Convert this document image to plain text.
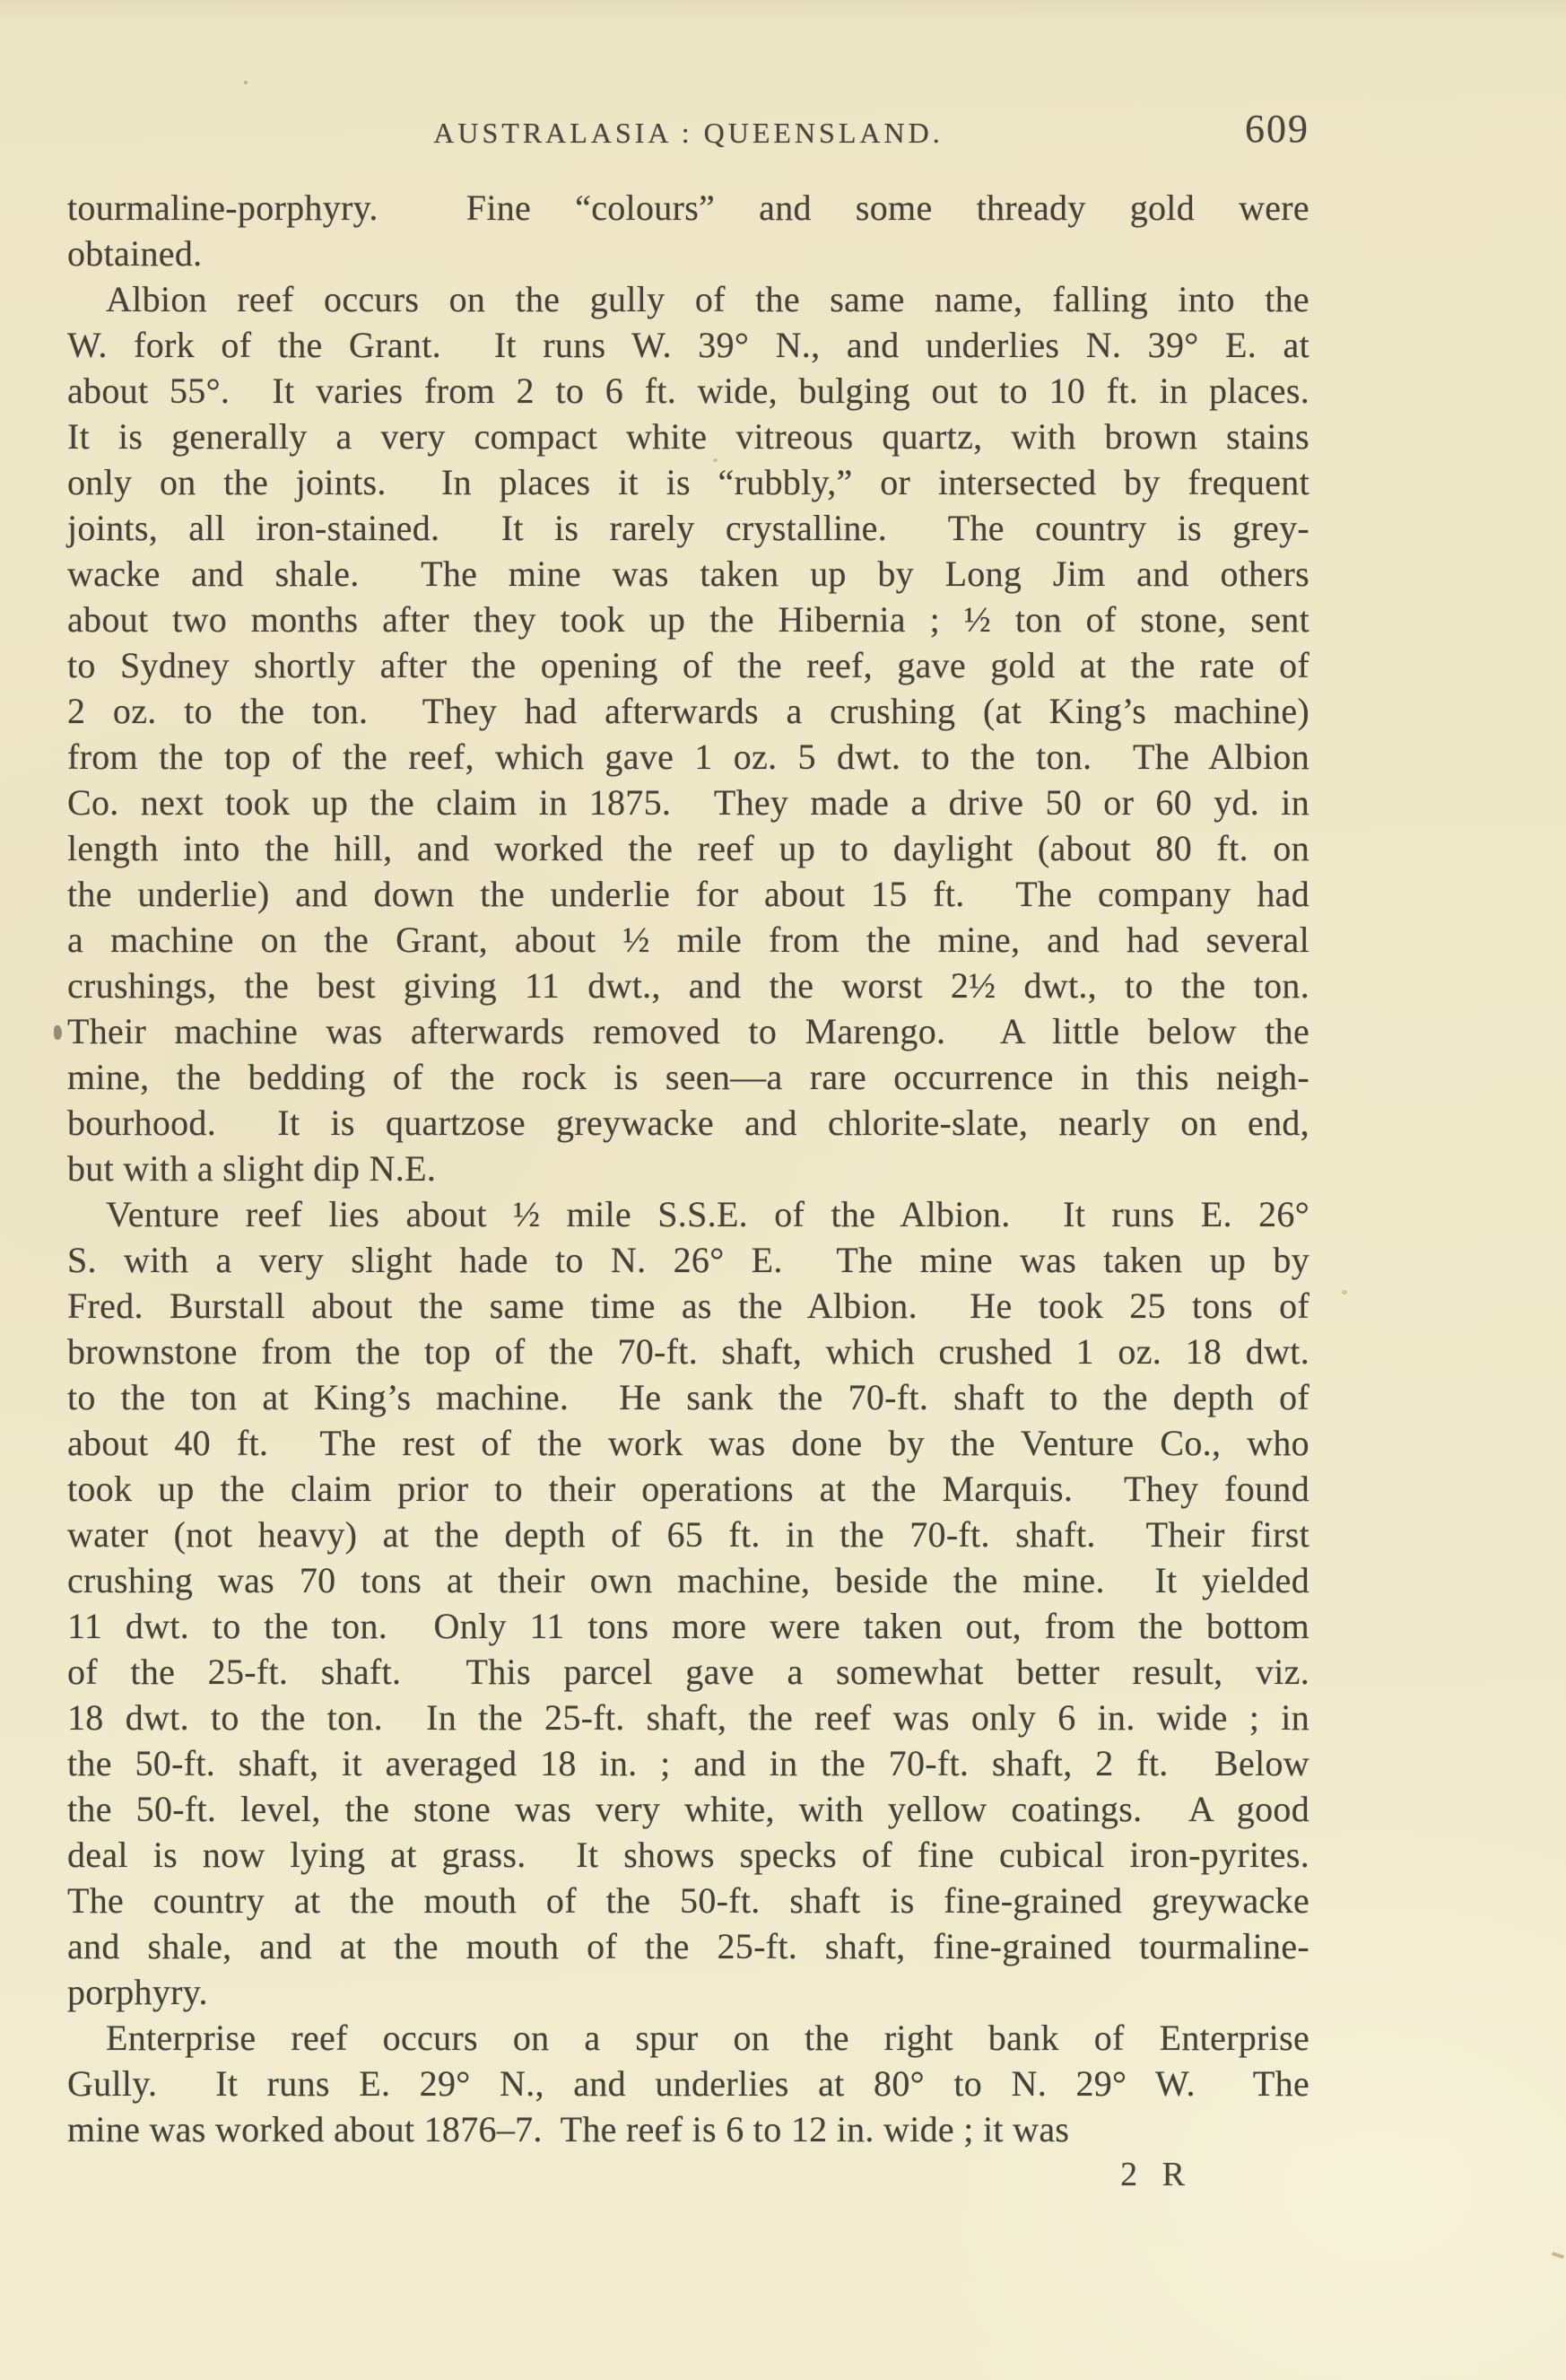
AUSTRALASIA : QUEENSLAND.	609
tourmaline-porphyry.  Fine “colours” and some thready gold were
obtained.
Albion reef occurs on the gully of the same name, falling into the
W. fork of the Grant.  It runs W. 39° N., and underlies N. 39° E. at
about 55°.  It varies from 2 to 6 ft. wide, bulging out to 10 ft. in places.
It is generally a very compact white vitreous quartz, with brown stains
only on the joints.  In places it is “rubbly,” or intersected by frequent
joints, all iron-stained.  It is rarely crystalline.  The country is grey-
wacke and shale.  The mine was taken up by Long Jim and others
about two months after they took up the Hibernia ; ½ ton of stone, sent
to Sydney shortly after the opening of the reef, gave gold at the rate of
2 oz. to the ton.  They had afterwards a crushing (at King’s machine)
from the top of the reef, which gave 1 oz. 5 dwt. to the ton.  The Albion
Co. next took up the claim in 1875.  They made a drive 50 or 60 yd. in
length into the hill, and worked the reef up to daylight (about 80 ft. on
the underlie) and down the underlie for about 15 ft.  The company had
a machine on the Grant, about ½ mile from the mine, and had several
crushings, the best giving 11 dwt., and the worst 2½ dwt., to the ton.
Their machine was afterwards removed to Marengo.  A little below the
mine, the bedding of the rock is seen—a rare occurrence in this neigh-
bourhood.  It is quartzose greywacke and chlorite-slate, nearly on end,
but with a slight dip N.E.
Venture reef lies about ½ mile S.S.E. of the Albion.  It runs E. 26°
S. with a very slight hade to N. 26° E.  The mine was taken up by
Fred. Burstall about the same time as the Albion.  He took 25 tons of
brownstone from the top of the 70-ft. shaft, which crushed 1 oz. 18 dwt.
to the ton at King’s machine.  He sank the 70-ft. shaft to the depth of
about 40 ft.  The rest of the work was done by the Venture Co., who
took up the claim prior to their operations at the Marquis.  They found
water (not heavy) at the depth of 65 ft. in the 70-ft. shaft.  Their first
crushing was 70 tons at their own machine, beside the mine.  It yielded
11 dwt. to the ton.  Only 11 tons more were taken out, from the bottom
of the 25-ft. shaft.  This parcel gave a somewhat better result, viz.
18 dwt. to the ton.  In the 25-ft. shaft, the reef was only 6 in. wide ; in
the 50-ft. shaft, it averaged 18 in. ; and in the 70-ft. shaft, 2 ft.  Below
the 50-ft. level, the stone was very white, with yellow coatings.  A good
deal is now lying at grass.  It shows specks of fine cubical iron-pyrites.
The country at the mouth of the 50-ft. shaft is fine-grained greywacke
and shale, and at the mouth of the 25-ft. shaft, fine-grained tourmaline-
porphyry.
Enterprise reef occurs on a spur on the right bank of Enterprise
Gully.  It runs E. 29° N., and underlies at 80° to N. 29° W.  The
mine was worked about 1876–7.  The reef is 6 to 12 in. wide ; it was
2 R
